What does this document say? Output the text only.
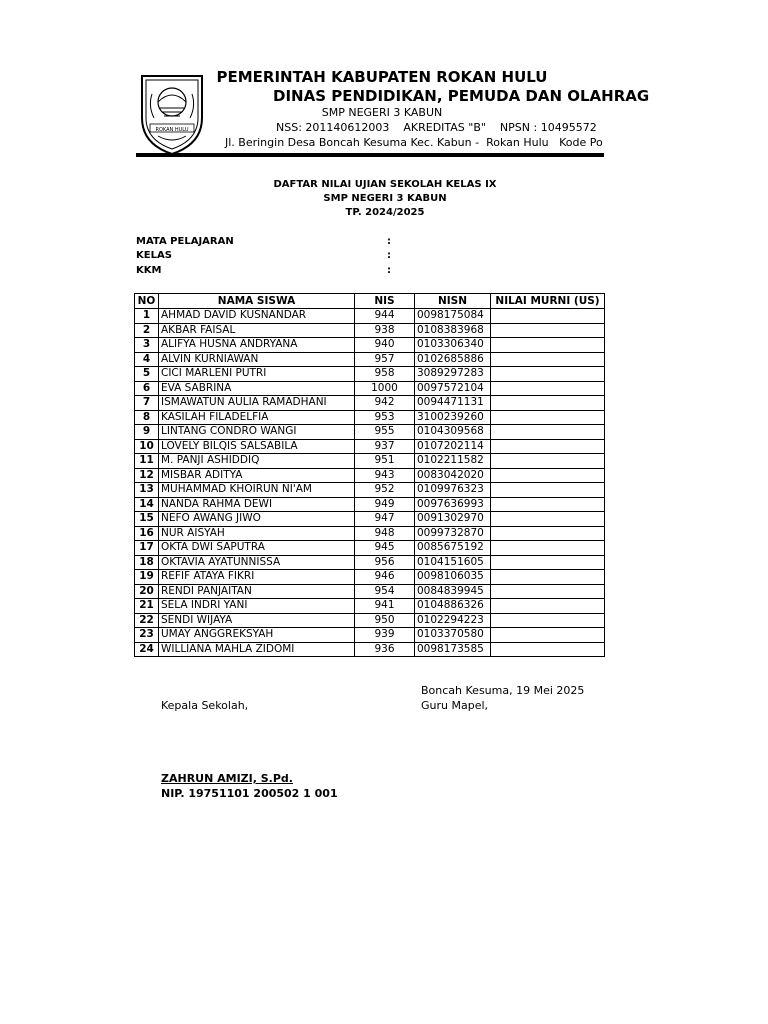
ROKAN HULU
PEMERINTAH KABUPATEN ROKAN HULU
DINAS PENDIDIKAN, PEMUDA DAN OLAHRAG
SMP NEGERI 3 KABUN
NSS: 201140612003    AKREDITAS "B"    NPSN : 10495572
Jl. Beringin Desa Boncah Kesuma Kec. Kabun -  Rokan Hulu   Kode Po
DAFTAR NILAI UJIAN SEKOLAH KELAS IX
SMP NEGERI 3 KABUN
TP. 2024/2025
MATA PELAJARAN	:
KELAS	:
KKM	:
NO	NAMA SISWA	NIS	NISN	NILAI MURNI (US)
1	AHMAD DAVID KUSNANDAR	944	0098175084	
2	AKBAR FAISAL	938	0108383968	
3	ALIFYA HUSNA ANDRYANA	940	0103306340	
4	ALVIN KURNIAWAN	957	0102685886	
5	CICI MARLENI PUTRI	958	3089297283	
6	EVA SABRINA	1000	0097572104	
7	ISMAWATUN AULIA RAMADHANI	942	0094471131	
8	KASILAH FILADELFIA	953	3100239260	
9	LINTANG CONDRO WANGI	955	0104309568	
10	LOVELY BILQIS SALSABILA	937	0107202114	
11	M. PANJI ASHIDDIQ	951	0102211582	
12	MISBAR ADITYA	943	0083042020	
13	MUHAMMAD KHOIRUN NI'AM	952	0109976323	
14	NANDA RAHMA DEWI	949	0097636993	
15	NEFO AWANG JIWO	947	0091302970	
16	NUR AISYAH	948	0099732870	
17	OKTA DWI SAPUTRA	945	0085675192	
18	OKTAVIA AYATUNNISSA	956	0104151605	
19	REFIF ATAYA FIKRI	946	0098106035	
20	RENDI PANJAITAN	954	0084839945	
21	SELA INDRI YANI	941	0104886326	
22	SENDI WIJAYA	950	0102294223	
23	UMAY ANGGREKSYAH	939	0103370580	
24	WILLIANA MAHLA ZIDOMI	936	0098173585	
Boncah Kesuma, 19 Mei 2025
Kepala Sekolah,	Guru Mapel,
ZAHRUN AMIZI, S.Pd.
NIP. 19751101 200502 1 001
